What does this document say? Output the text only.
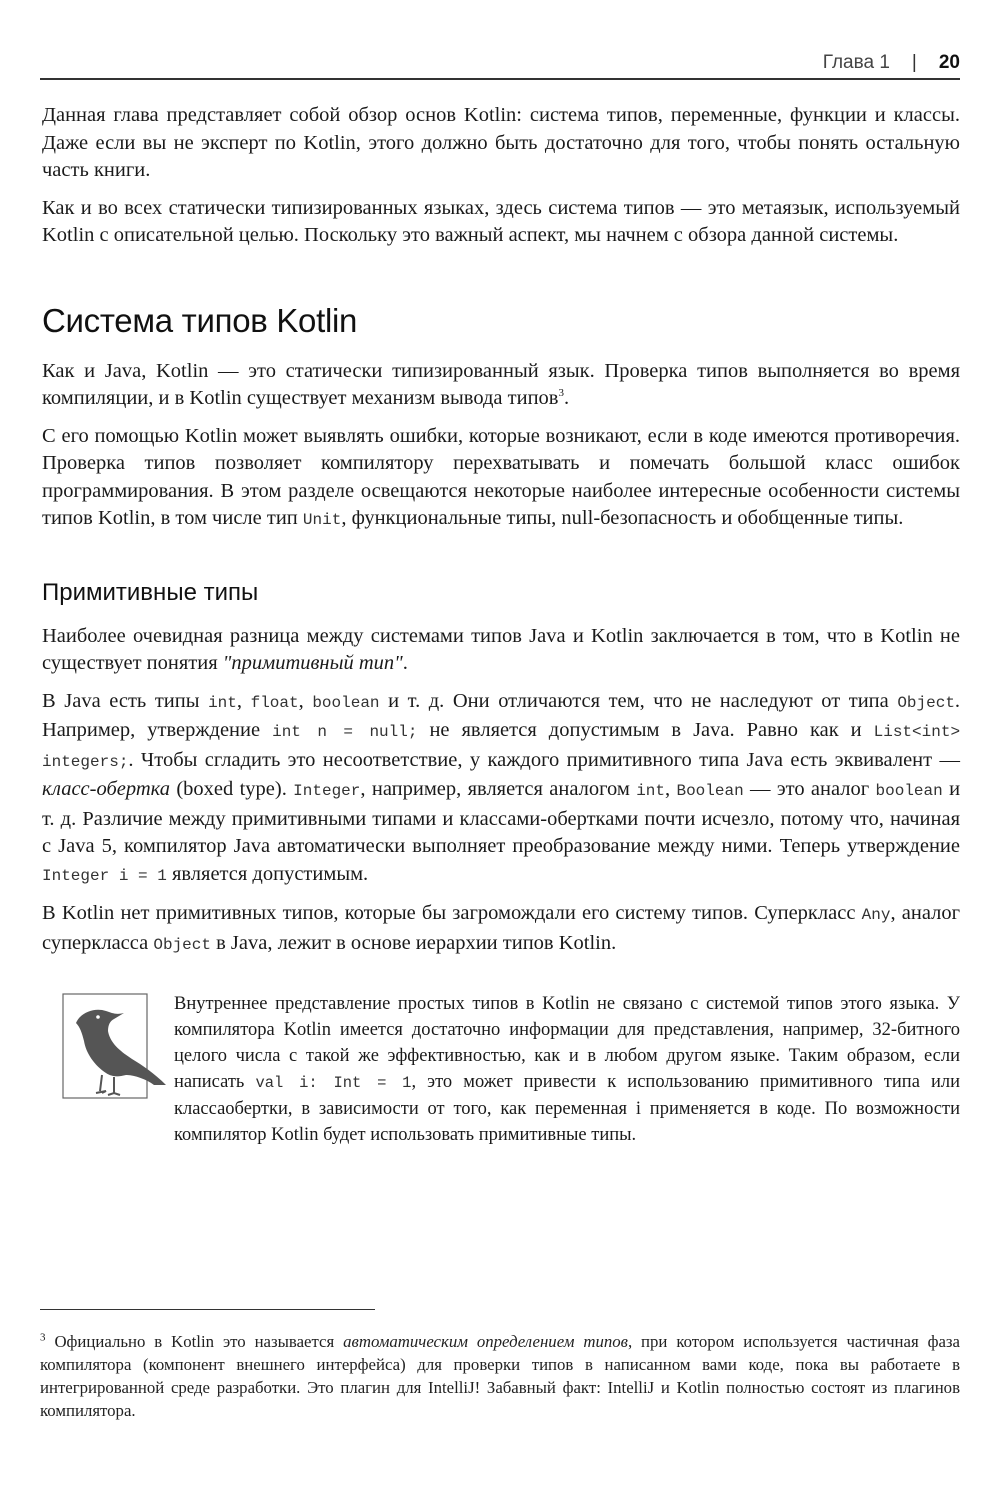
Глава 1 | 20

Данная глава представляет собой обзор основ Kotlin: система типов, переменные, функции и классы. Даже если вы не эксперт по Kotlin, этого должно быть достаточно для того, чтобы понять остальную часть книги.

Как и во всех статически типизированных языках, здесь система типов — это метаязык, используемый Kotlin с описательной целью. Поскольку это важный аспект, мы начнем с обзора данной системы.

Система типов Kotlin

Как и Java, Kotlin — это статически типизированный язык. Проверка типов выполняется во время компиляции, и в Kotlin существует механизм вывода типов$^3$.

С его помощью Kotlin может выявлять ошибки, которые возникают, если в коде имеются противоречия. Проверка типов позволяет компилятору перехватывать и помечать большой класс ошибок программирования. В этом разделе освещаются некоторые наиболее интересные особенности системы типов Kotlin, в том числе тип Unit, функциональные типы, null-безопасность и обобщенные типы.

Примитивные типы

Наиболее очевидная разница между системами типов Java и Kotlin заключается в том, что в Kotlin не существует понятия "примитивный тип".

В Java есть типы int, float, boolean и т. д. Они отличаются тем, что не наследуют от типа Object. Например, утверждение int n = null; не является допустимым в Java. Равно как и List<int> integers;. Чтобы сгладить это несоответствие, у каждого примитивного типа Java есть эквивалент — класс-обертка (boxed type). Integer, например, является аналогом int, Boolean — это аналог boolean и т. д. Различие между примитивными типами и классами-обертками почти исчезло, потому что, начиная с Java 5, компилятор Java автоматически выполняет преобразование между ними. Теперь утверждение Integer i = 1 является допустимым.

В Kotlin нет примитивных типов, которые бы загромождали его систему типов. Суперкласс Any, аналог суперкласса Object в Java, лежит в основе иерархии типов Kotlin.

Внутреннее представление простых типов в Kotlin не связано с системой типов этого языка. У компилятора Kotlin имеется достаточно информации для представления, например, 32-битного целого числа с такой же эффективностью, как и в любом другом языке. Таким образом, если написать val i: Int = 1, это может привести к использованию примитивного типа или классаобертки, в зависимости от того, как переменная i применяется в коде. По возможности компилятор Kotlin будет использовать примитивные типы.

$^3$ Официально в Kotlin это называется автоматическим определением типов, при котором используется частичная фаза компилятора (компонент внешнего интерфейса) для проверки типов в написанном вами коде, пока вы работаете в интегрированной среде разработки. Это плагин для IntelliJ! Забавный факт: IntelliJ и Kotlin полностью состоят из плагинов компилятора.
